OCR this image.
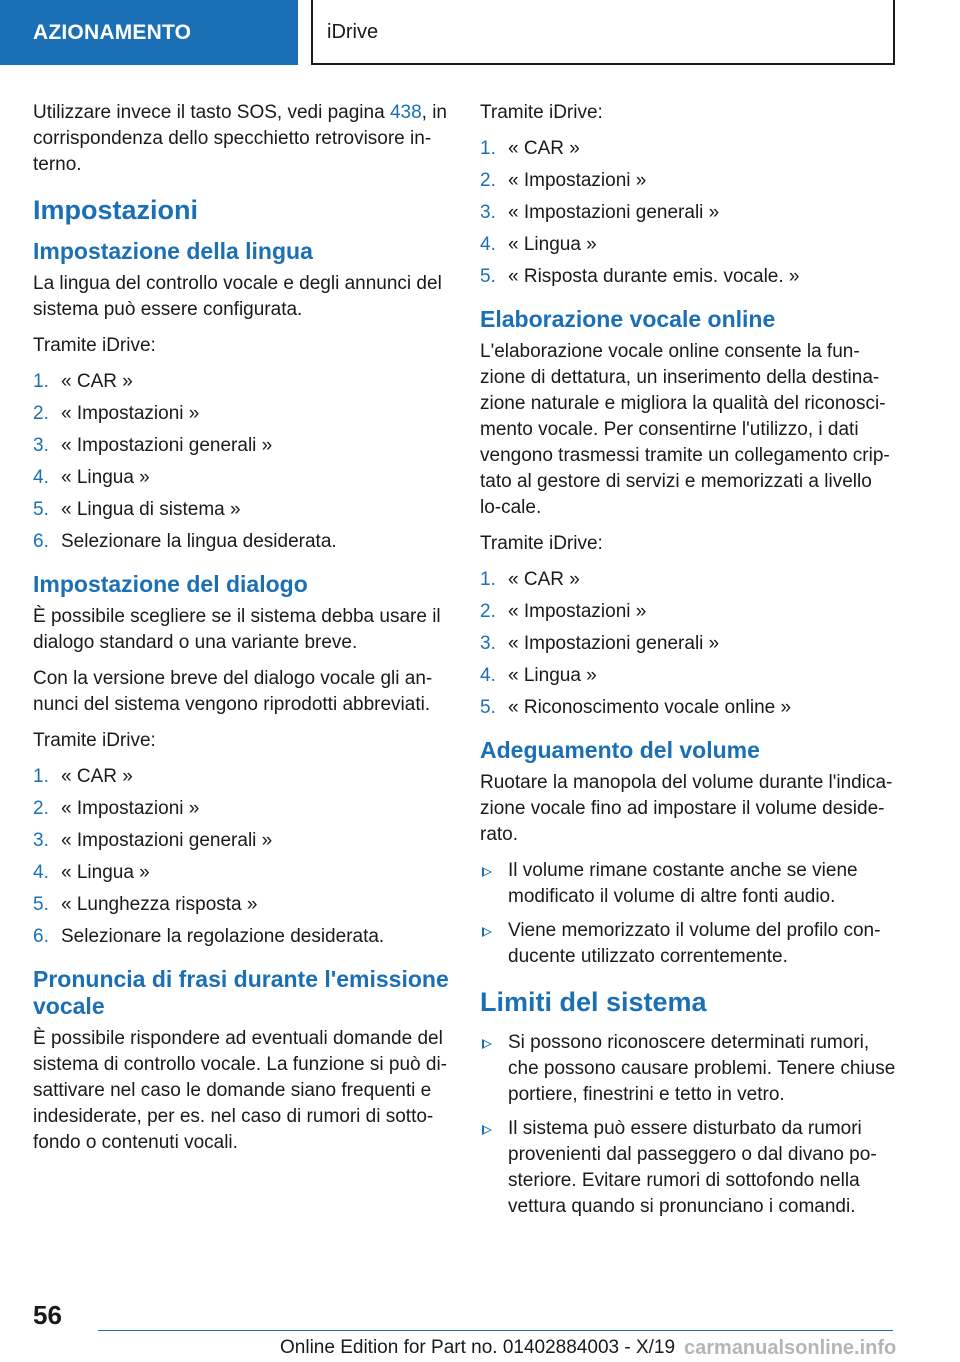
AZIONAMENTO	iDrive

Utilizzare invece il tasto SOS, vedi pagina 438, in corrispondenza dello specchietto retrovisore in-terno.

Impostazioni
Impostazione della lingua

La lingua del controllo vocale e degli annunci del sistema può essere configurata.

Tramite iDrive:

1. « CAR »
2. « Impostazioni »
3. « Impostazioni generali »
4. « Lingua »
5. « Lingua di sistema »
6. Selezionare la lingua desiderata.
Impostazione del dialogo

È possibile scegliere se il sistema debba usare il dialogo standard o una variante breve.

Con la versione breve del dialogo vocale gli an-nunci del sistema vengono riprodotti abbreviati.

Tramite iDrive:

1. « CAR »
2. « Impostazioni »
3. « Impostazioni generali »
4. « Lingua »
5. « Lunghezza risposta »
6. Selezionare la regolazione desiderata.
Pronuncia di frasi durante l'emissione vocale

È possibile rispondere ad eventuali domande del sistema di controllo vocale. La funzione si può di-sattivare nel caso le domande siano frequenti e indesiderate, per es. nel caso di rumori di sotto-fondo o contenuti vocali.

Tramite iDrive:

1. « CAR »
2. « Impostazioni »
3. « Impostazioni generali »
4. « Lingua »
5. « Risposta durante emis. vocale. »
Elaborazione vocale online

L'elaborazione vocale online consente la fun-zione di dettatura, un inserimento della destina-zione naturale e migliora la qualità del riconosci-mento vocale. Per consentirne l'utilizzo, i dati vengono trasmessi tramite un collegamento crip-tato al gestore di servizi e memorizzati a livello lo-cale.

Tramite iDrive:

1. « CAR »
2. « Impostazioni »
3. « Impostazioni generali »
4. « Lingua »
5. « Riconoscimento vocale online »
Adeguamento del volume

Ruotare la manopola del volume durante l'indica-zione vocale fino ad impostare il volume deside-rato.

Il volume rimane costante anche se viene modificato il volume di altre fonti audio.
Viene memorizzato il volume del profilo con-ducente utilizzato correntemente.
Limiti del sistema
Si possono riconoscere determinati rumori, che possono causare problemi. Tenere chiuse portiere, finestrini e tetto in vetro.
Il sistema può essere disturbato da rumori provenienti dal passeggero o dal divano po-steriore. Evitare rumori di sottofondo nella vettura quando si pronunciano i comandi.
56
Online Edition for Part no. 01402884003 - X/19 carmanualsonline.info
